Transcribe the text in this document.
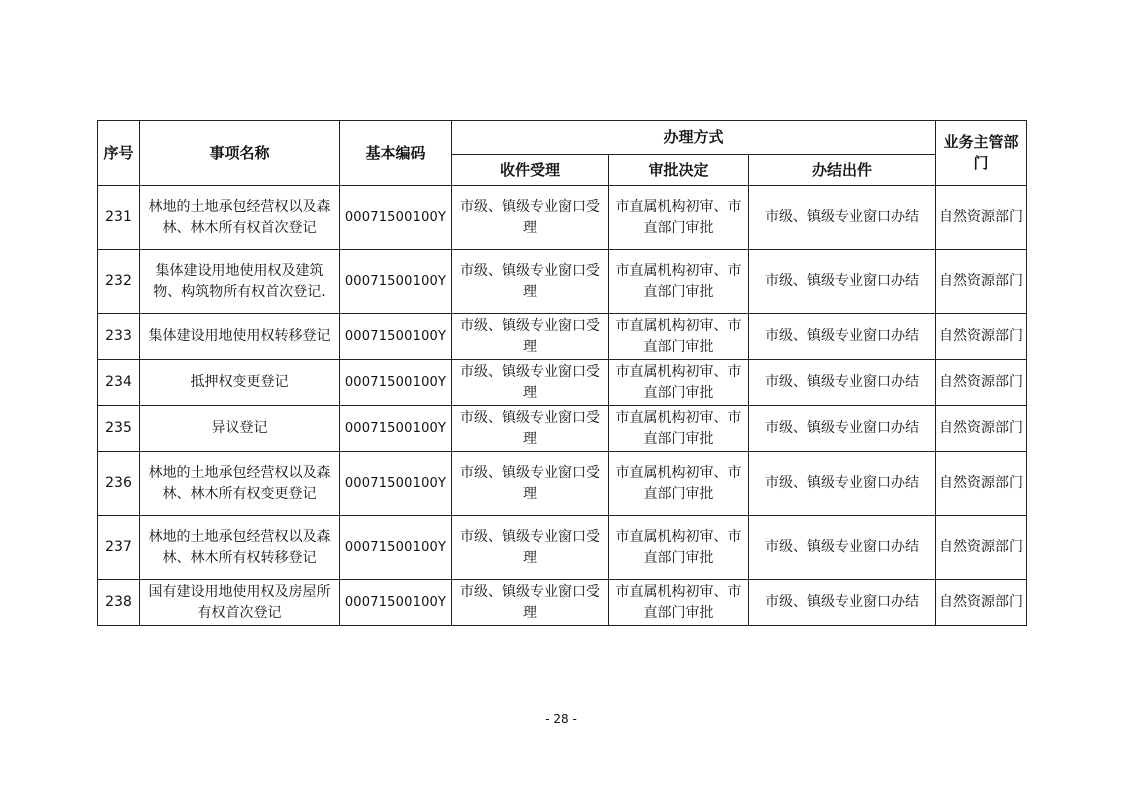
序号	事项名称	基本编码	办理方式			业务主管部门
			收件受理	审批决定	办结出件	
231	林地的土地承包经营权以及森林、林木所有权首次登记	00071500100Y	市级、镇级专业窗口受理	市直属机构初审、市直部门审批	市级、镇级专业窗口办结	自然资源部门
232	集体建设用地使用权及建筑物、构筑物所有权首次登记.	00071500100Y	市级、镇级专业窗口受理	市直属机构初审、市直部门审批	市级、镇级专业窗口办结	自然资源部门
233	集体建设用地使用权转移登记	00071500100Y	市级、镇级专业窗口受理	市直属机构初审、市直部门审批	市级、镇级专业窗口办结	自然资源部门
234	抵押权变更登记	00071500100Y	市级、镇级专业窗口受理	市直属机构初审、市直部门审批	市级、镇级专业窗口办结	自然资源部门
235	异议登记	00071500100Y	市级、镇级专业窗口受理	市直属机构初审、市直部门审批	市级、镇级专业窗口办结	自然资源部门
236	林地的土地承包经营权以及森林、林木所有权变更登记	00071500100Y	市级、镇级专业窗口受理	市直属机构初审、市直部门审批	市级、镇级专业窗口办结	自然资源部门
237	林地的土地承包经营权以及森林、林木所有权转移登记	00071500100Y	市级、镇级专业窗口受理	市直属机构初审、市直部门审批	市级、镇级专业窗口办结	自然资源部门
238	国有建设用地使用权及房屋所有权首次登记	00071500100Y	市级、镇级专业窗口受理	市直属机构初审、市直部门审批	市级、镇级专业窗口办结	自然资源部门
- 28 -
